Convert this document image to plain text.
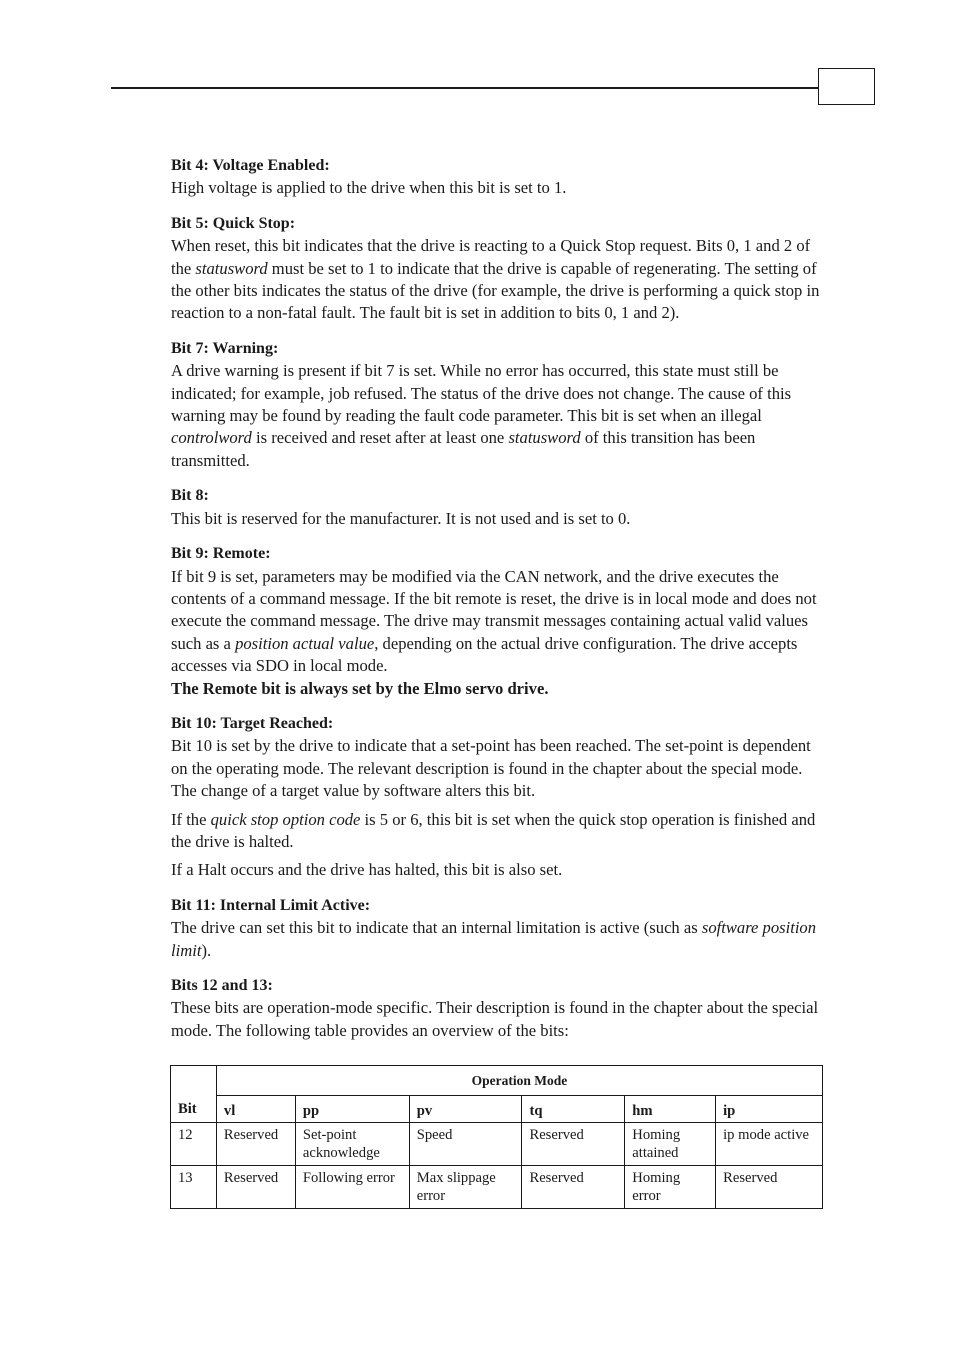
Bit 4: Voltage Enabled:

High voltage is applied to the drive when this bit is set to 1.

Bit 5: Quick Stop:

When reset, this bit indicates that the drive is reacting to a Quick Stop request. Bits 0, 1 and 2 of the statusword must be set to 1 to indicate that the drive is capable of regenerating. The setting of the other bits indicates the status of the drive (for example, the drive is performing a quick stop in reaction to a non-fatal fault. The fault bit is set in addition to bits 0, 1 and 2).

Bit 7: Warning:

A drive warning is present if bit 7 is set. While no error has occurred, this state must still be indicated; for example, job refused. The status of the drive does not change. The cause of this warning may be found by reading the fault code parameter. This bit is set when an illegal controlword is received and reset after at least one statusword of this transition has been transmitted.

Bit 8:

This bit is reserved for the manufacturer. It is not used and is set to 0.

Bit 9: Remote:

If bit 9 is set, parameters may be modified via the CAN network, and the drive executes the contents of a command message. If the bit remote is reset, the drive is in local mode and does not execute the command message. The drive may transmit messages containing actual valid values such as a position actual value, depending on the actual drive configuration. The drive accepts accesses via SDO in local mode.

The Remote bit is always set by the Elmo servo drive.

Bit 10: Target Reached:

Bit 10 is set by the drive to indicate that a set-point has been reached. The set-point is dependent on the operating mode. The relevant description is found in the chapter about the special mode. The change of a target value by software alters this bit.

If the quick stop option code is 5 or 6, this bit is set when the quick stop operation is finished and the drive is halted.

If a Halt occurs and the drive has halted, this bit is also set.

Bit 11: Internal Limit Active:

The drive can set this bit to indicate that an internal limitation is active (such as software position limit).

Bits 12 and 13:

These bits are operation-mode specific. Their description is found in the chapter about the special mode. The following table provides an overview of the bits:

Bit	Operation Mode					
	vl	pp	pv	tq	hm	ip
12	Reserved	Set-point acknowledge	Speed	Reserved	Homing attained	ip mode active
13	Reserved	Following error	Max slippage error	Reserved	Homing error	Reserved
